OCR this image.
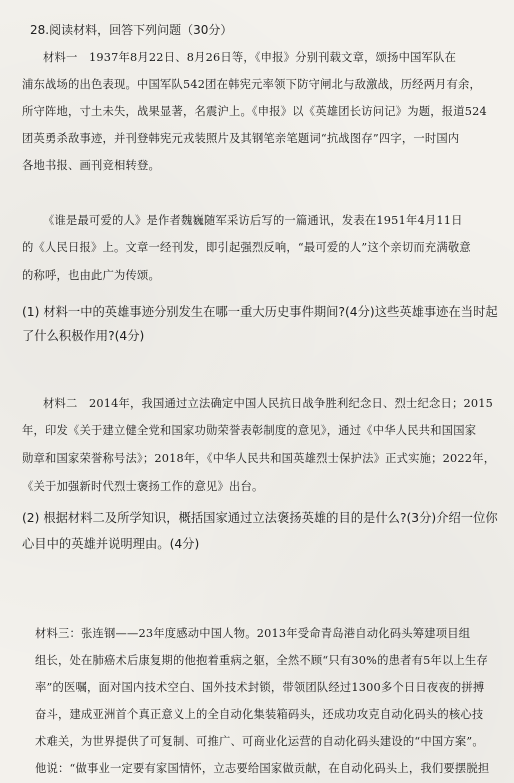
28.阅读材料，回答下列问题（30分）
材料一　1937年8月22日、8月26日等，《申报》分别刊载文章，颂扬中国军队在
浦东战场的出色表现。中国军队542团在韩宪元率领下防守闸北与敌激战，历经两月有余，
所守阵地，寸土未失，战果显著，名震沪上。《申报》以《英雄团长访问记》为题，报道524
团英勇杀敌事迹，并刊登韩宪元戎装照片及其钢笔亲笔题词“抗战图存”四字，一时国内
各地书报、画刊竞相转登。
《谁是最可爱的人》是作者魏巍随军采访后写的一篇通讯，发表在1951年4月11日
的《人民日报》上。文章一经刊发，即引起强烈反响，“最可爱的人”这个亲切而充满敬意
的称呼，也由此广为传颂。
(1) 材料一中的英雄事迹分别发生在哪一重大历史事件期间?(4分)这些英雄事迹在当时起
了什么积极作用?(4分)
材料二　2014年，我国通过立法确定中国人民抗日战争胜利纪念日、烈士纪念日；2015
年，印发《关于建立健全党和国家功勋荣誉表彰制度的意见》，通过《中华人民共和国国家
勋章和国家荣誉称号法》；2018年，《中华人民共和国英雄烈士保护法》正式实施；2022年，
《关于加强新时代烈士褒扬工作的意见》出台。
(2) 根据材料二及所学知识，概括国家通过立法褒扬英雄的目的是什么?(3分)介绍一位你
心目中的英雄并说明理由。(4分)
材料三：张连钢——23年度感动中国人物。2013年受命青岛港自动化码头筹建项目组
组长，处在肺癌术后康复期的他抱着重病之躯，全然不顾“只有30%的患者有5年以上生存
率”的医嘱，面对国内技术空白、国外技术封锁，带领团队经过1300多个日日夜夜的拼搏
奋斗，建成亚洲首个真正意义上的全自动化集装箱码头，还成功攻克自动化码头的核心技
术难关，为世界提供了可复制、可推广、可商业化运营的自动化码头建设的“中国方案”。
他说：“做事业一定要有家国情怀，立志要给国家做贡献，在自动化码头上，我们要摆脱担
